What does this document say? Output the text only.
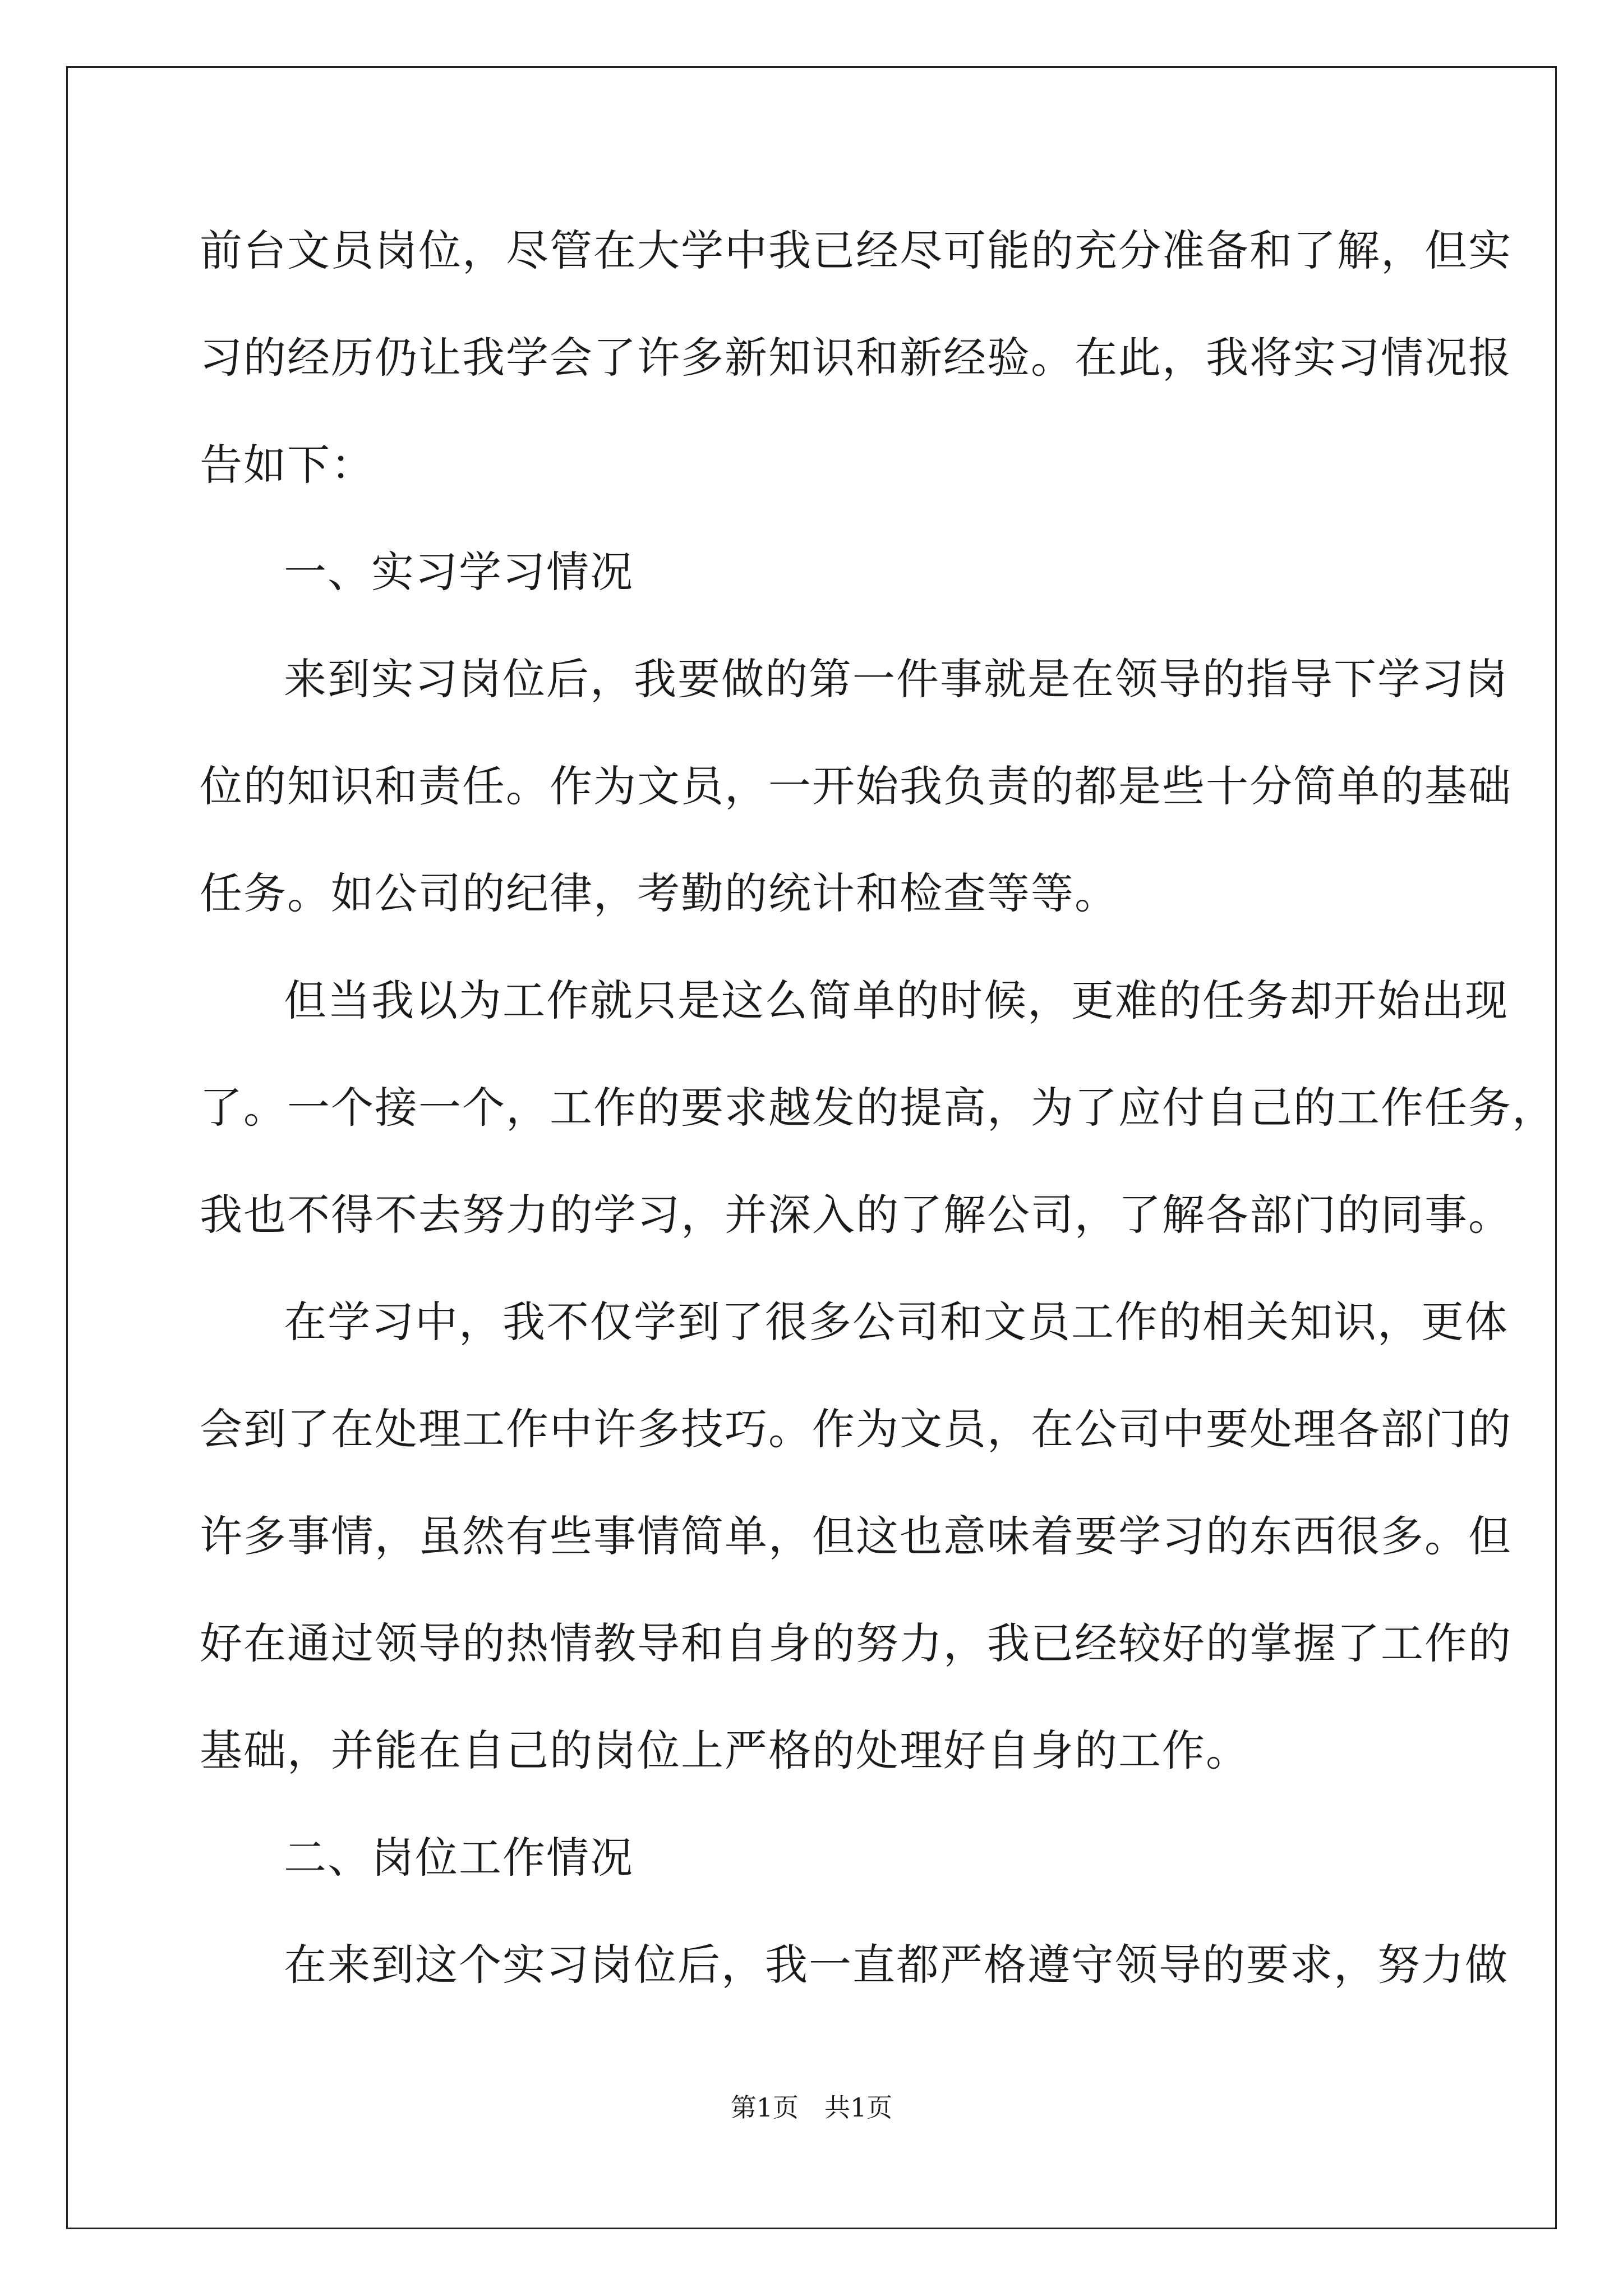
前台文员岗位，尽管在大学中我已经尽可能的充分准备和了解，但实
习的经历仍让我学会了许多新知识和新经验。在此，我将实习情况报
告如下：
一、实习学习情况
来到实习岗位后，我要做的第一件事就是在领导的指导下学习岗
位的知识和责任。作为文员，一开始我负责的都是些十分简单的基础
任务。如公司的纪律，考勤的统计和检查等等。
但当我以为工作就只是这么简单的时候，更难的任务却开始出现
了。一个接一个，工作的要求越发的提高，为了应付自己的工作任务，
我也不得不去努力的学习，并深入的了解公司，了解各部门的同事。
在学习中，我不仅学到了很多公司和文员工作的相关知识，更体
会到了在处理工作中许多技巧。作为文员，在公司中要处理各部门的
许多事情，虽然有些事情简单，但这也意味着要学习的东西很多。但
好在通过领导的热情教导和自身的努力，我已经较好的掌握了工作的
基础，并能在自己的岗位上严格的处理好自身的工作。
二、岗位工作情况
在来到这个实习岗位后，我一直都严格遵守领导的要求，努力做
第1页　共1页
